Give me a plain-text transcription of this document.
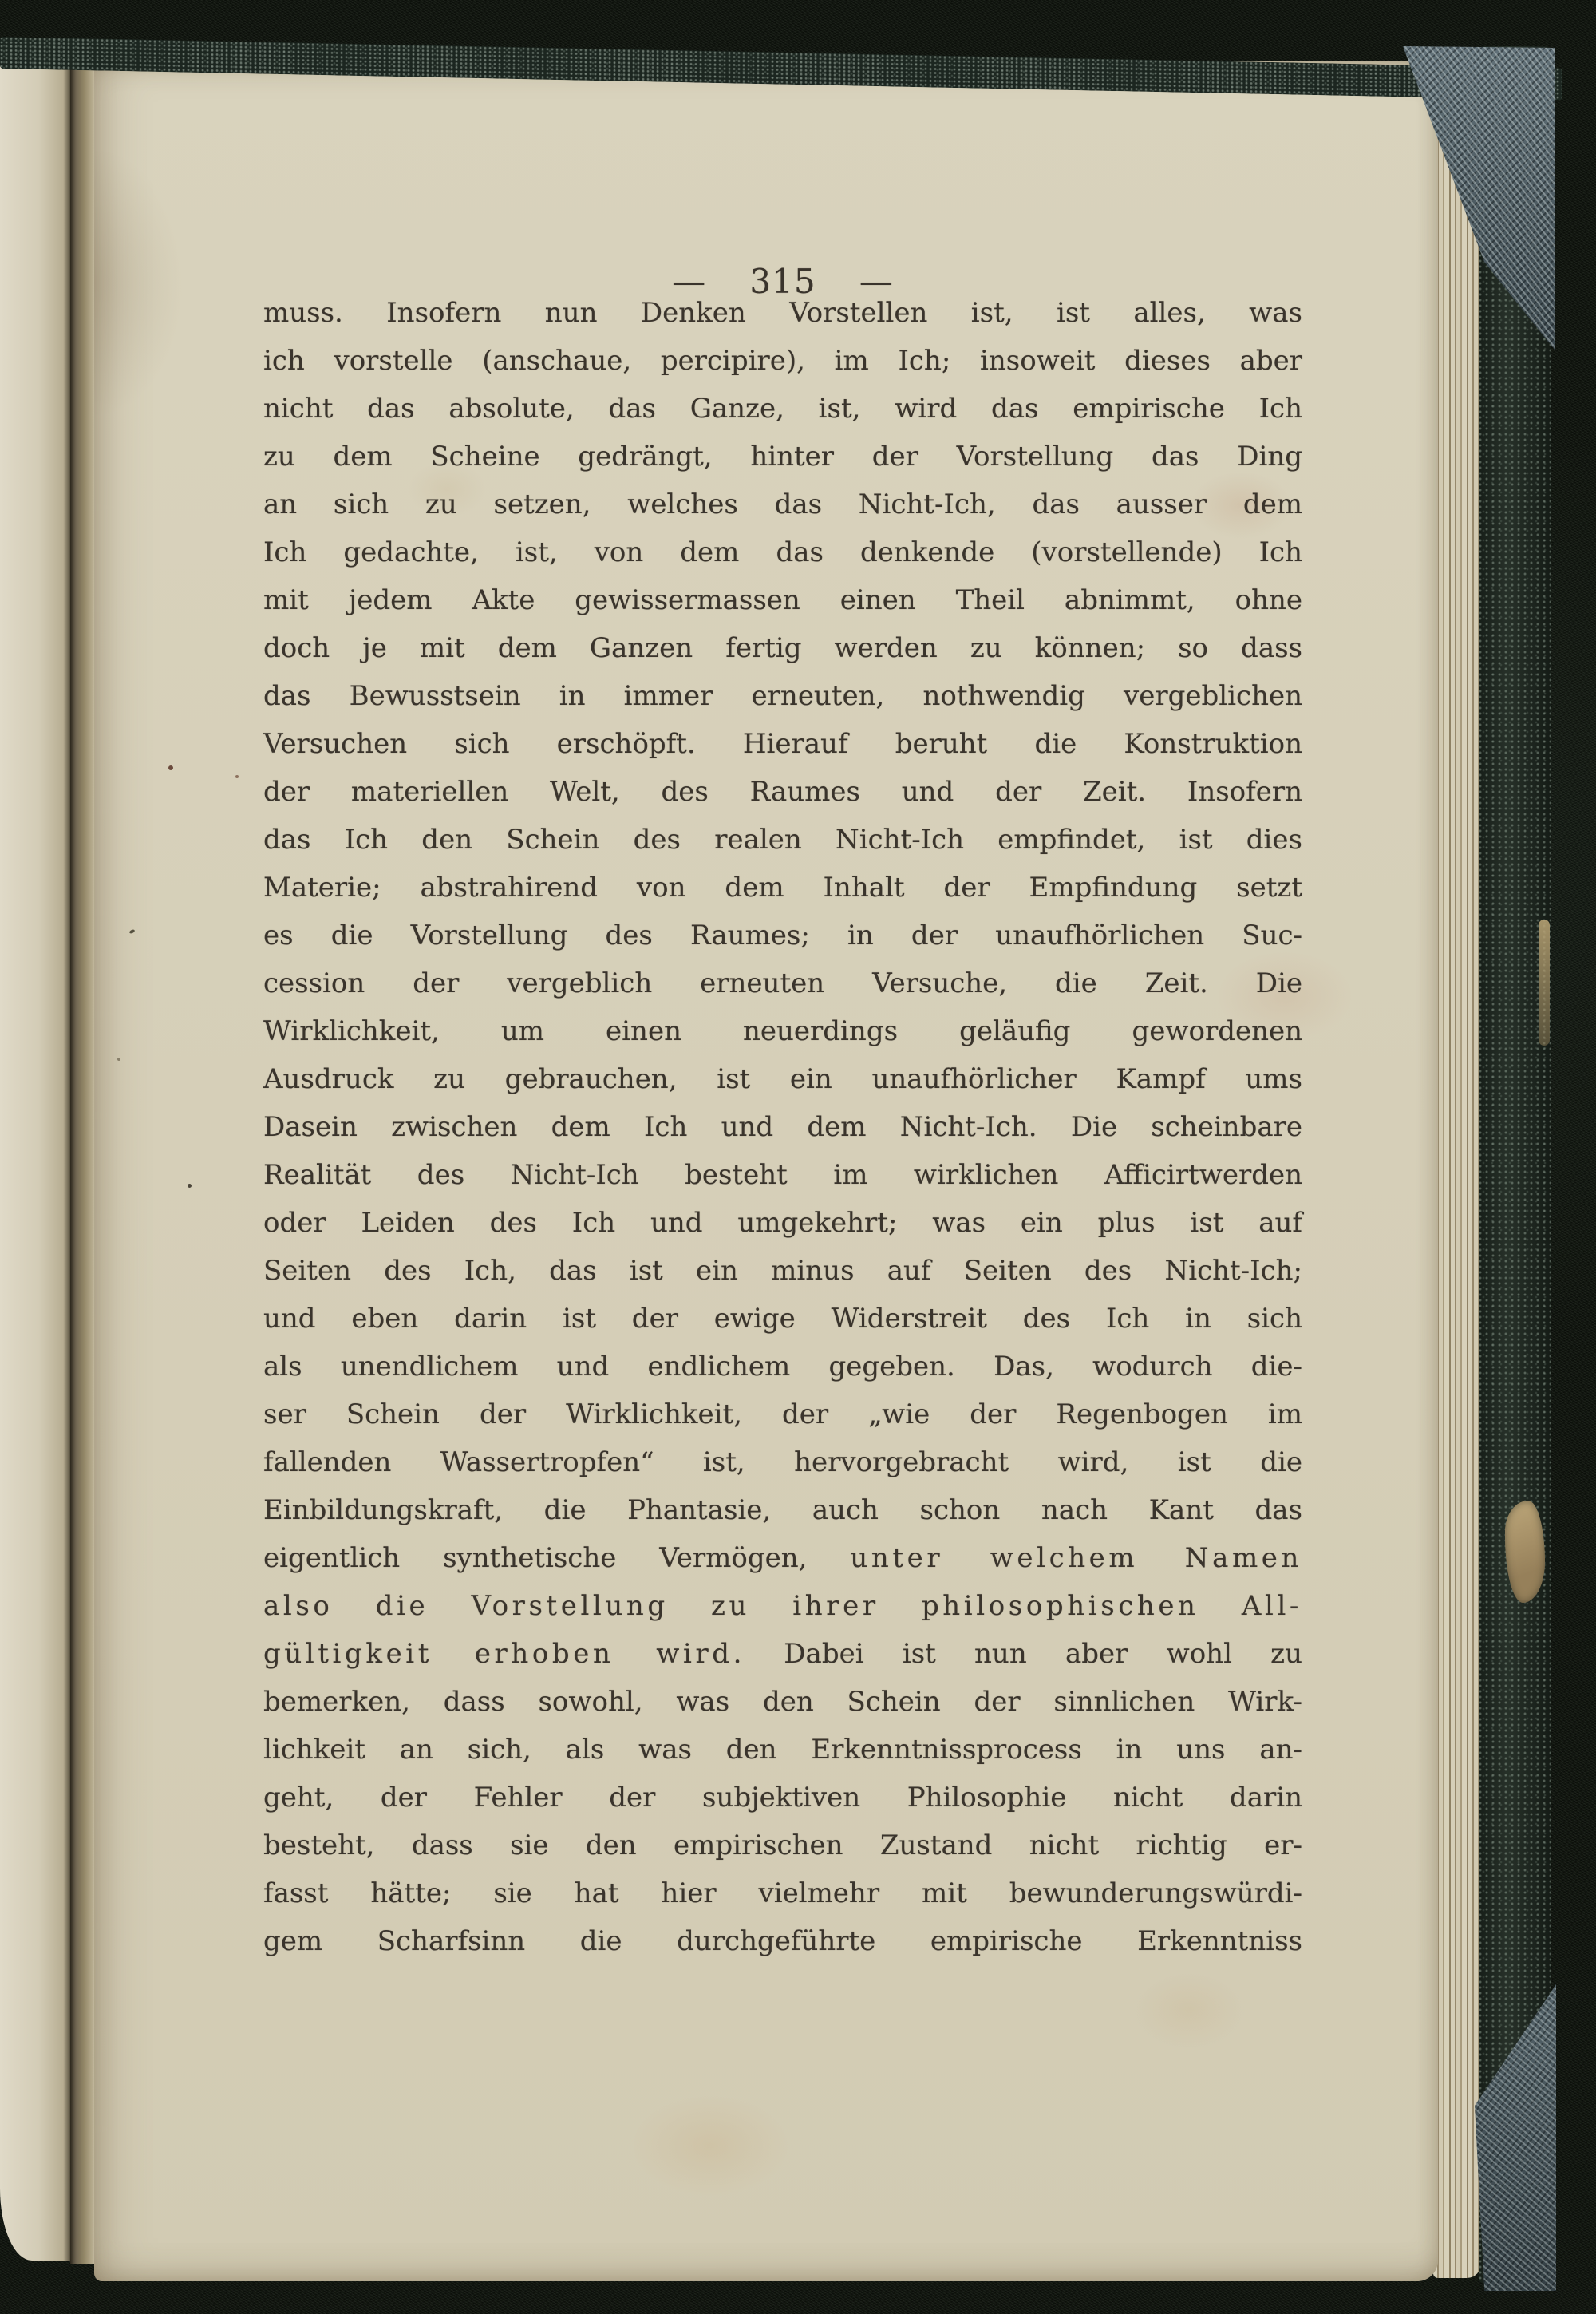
— 315 —
muss. Insofern nun Denken Vorstellen ist, ist alles, was
ich vorstelle (anschaue, percipire), im Ich; insoweit dieses aber
nicht das absolute, das Ganze, ist, wird das empirische Ich
zu dem Scheine gedrängt, hinter der Vorstellung das Ding
an sich zu setzen, welches das Nicht-Ich, das ausser dem
Ich gedachte, ist, von dem das denkende (vorstellende) Ich
mit jedem Akte gewissermassen einen Theil abnimmt, ohne
doch je mit dem Ganzen fertig werden zu können; so dass
das Bewusstsein in immer erneuten, nothwendig vergeblichen
Versuchen sich erschöpft. Hierauf beruht die Konstruktion
der materiellen Welt, des Raumes und der Zeit. Insofern
das Ich den Schein des realen Nicht-Ich empfindet, ist dies
Materie; abstrahirend von dem Inhalt der Empfindung setzt
es die Vorstellung des Raumes; in der unaufhörlichen Suc-
cession der vergeblich erneuten Versuche, die Zeit. Die
Wirklichkeit, um einen neuerdings geläufig gewordenen
Ausdruck zu gebrauchen, ist ein unaufhörlicher Kampf ums
Dasein zwischen dem Ich und dem Nicht-Ich. Die scheinbare
Realität des Nicht-Ich besteht im wirklichen Afficirtwerden
oder Leiden des Ich und umgekehrt; was ein plus ist auf
Seiten des Ich, das ist ein minus auf Seiten des Nicht-Ich;
und eben darin ist der ewige Widerstreit des Ich in sich
als unendlichem und endlichem gegeben. Das, wodurch die-
ser Schein der Wirklichkeit, der „wie der Regenbogen im
fallenden Wassertropfen“ ist, hervorgebracht wird, ist die
Einbildungskraft, die Phantasie, auch schon nach Kant das
eigentlich synthetische Vermögen, unter welchem Namen
also die Vorstellung zu ihrer philosophischen All-
gültigkeit erhoben wird. Dabei ist nun aber wohl zu
bemerken, dass sowohl, was den Schein der sinnlichen Wirk-
lichkeit an sich, als was den Erkenntnissprocess in uns an-
geht, der Fehler der subjektiven Philosophie nicht darin
besteht, dass sie den empirischen Zustand nicht richtig er-
fasst hätte; sie hat hier vielmehr mit bewunderungswürdi-
gem Scharfsinn die durchgeführte empirische Erkenntniss
